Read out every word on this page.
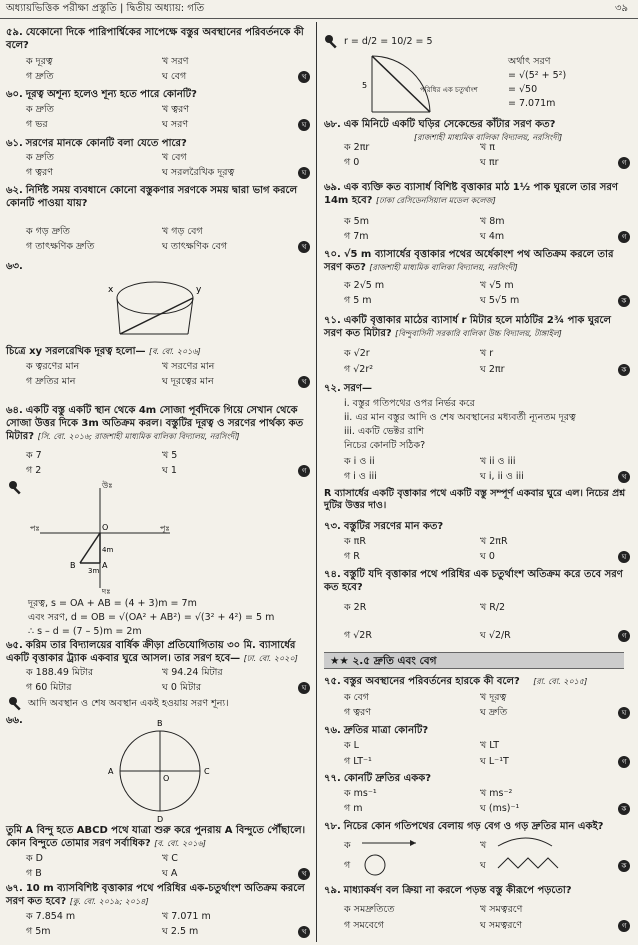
অধ্যায়ভিত্তিক পরীক্ষা প্রস্তুতি | দ্বিতীয় অধ্যায়: গতি	৩৯
৫৯. যেকোনো দিকে পারিপার্শ্বিকের সাপেক্ষে বস্তুর অবস্থানের পরিবর্তনকে কী বলে?
ক দূরত্ব	খ সরণ
গ দ্রুতি	ঘ বেগ	খ
৬০. দূরত্ব অশূন্য হলেও শূন্য হতে পারে কোনটি?
ক দ্রুতি	খ ত্বরণ
গ ভর	ঘ সরণ	ঘ
৬১. সরণের মানকে কোনটি বলা যেতে পারে?
ক দ্রুতি	খ বেগ
গ ত্বরণ	ঘ সরলরৈখিক দূরত্ব	ঘ
৬২. নির্দিষ্ট সময় ব্যবধানে কোনো বস্তুকণার সরণকে সময় দ্বারা ভাগ করলে কোনটি পাওয়া যায়?
ক গড় দ্রুতি	খ গড় বেগ
গ তাৎক্ষণিক দ্রুতি	ঘ তাৎক্ষণিক বেগ	খ
৬৩.
x	y
চিত্রে xy সরলরেখিক দূরত্ব হলো— [ব. বো. ২০১৬]
ক ত্বরণের মান	খ সরণের মান
গ দ্রুতির মান	ঘ দূরত্বের মান	খ
৬৪. একটি বস্তু একটি স্থান থেকে 4m সোজা পূর্বদিকে গিয়ে সেখান থেকে সোজা উত্তর দিকে 3m অতিক্রম করল। বস্তুটির দূরত্ব ও সরণের পার্থক্য কত মিটার? [সি. বো. ২০১৬; রাজশাহী মাধ্যমিক বালিকা বিদ্যালয়, নরসিংদী]
ক 7	খ 5
গ 2	ঘ 1	গ
উঃ
পঃ	পূঃ
দঃ
O
4m
A
B
3m
দূরত্ব, s = OA + AB = (4 + 3)m = 7m
এবং সরণ, d = OB = √(OA² + AB²) = √(3² + 4²) = 5 m
∴ s – d = (7 – 5)m = 2m
৬৫. করিম তার বিদ্যালয়ের বার্ষিক ক্রীড়া প্রতিযোগিতায় ৩০ মি. ব্যাসার্ধের একটি বৃত্তাকার ট্র্যাক একবার ঘুরে আসল। তার সরণ হবে— [ঢা. বো. ২০২০]
ক 188.49 মিটার	খ 94.24 মিটার
গ 60 মিটার	ঘ 0 মিটার	ঘ
আদি অবস্থান ও শেষ অবস্থান একই হওয়ায় সরণ শূন্য।
৬৬.	B
A	C
D
O
তুমি A বিন্দু হতে ABCD পথে যাত্রা শুরু করে পুনরায় A বিন্দুতে পৌঁছালে। কোন বিন্দুতে তোমার সরণ সর্বাধিক? [ব. বো. ২০১৬]
ক D	খ C
গ B	ঘ A	খ
৬৭. 10 m ব্যাসবিশিষ্ট বৃত্তাকার পথে পরিধির এক-চতুর্থাংশ অতিক্রম করলে সরণ কত হবে? [কু. বো. ২০১৯; ২০১৪]
ক 7.854 m	খ 7.071 m
গ 5m	ঘ 2.5 m	খ
r = d/2 = 10/2 = 5
5	পরিধির এক চতুর্থাংশ
অর্থাৎ সরণ
= √(5² + 5²)
= √50
= 7.071m
৬৮. এক মিনিটে একটি ঘড়ির সেকেন্ডের কাঁটার সরণ কত?
[রাজশাহী মাধ্যমিক বালিকা বিদ্যালয়, নরসিংদী]
ক 2πr	খ π
গ 0	ঘ πr	গ
৬৯. এক ব্যক্তি কত ব্যাসার্ধ বিশিষ্ট বৃত্তাকার মাঠ 1½ পাক ঘুরলে তার সরণ 14m হবে? [ঢাকা রেসিডেনসিয়াল মডেল কলেজ]
ক 5m	খ 8m
গ 7m	ঘ 4m	গ
৭০. √5 m ব্যাসার্ধের বৃত্তাকার পথের অর্ধেকাংশ পথ অতিক্রম করলে তার সরণ কত? [রাজশাহী মাধ্যমিক বালিকা বিদ্যালয়, নরসিংদী]
ক 2√5 m	খ √5 m
গ 5 m	ঘ 5√5 m	ক
৭১. একটি বৃত্তাকার মাঠের ব্যাসার্ধ r মিটার হলে মাঠটির 2¾ পাক ঘুরলে সরণ কত মিটার? [বিন্দুবাসিনী সরকারি বালিকা উচ্চ বিদ্যালয়, টাঙ্গাইল]
ক √2r	খ r
গ √2r²	ঘ 2πr	ক
৭২. সরণ—
i. বস্তুর গতিপথের ওপর নির্ভর করে
ii. এর মান বস্তুর আদি ও শেষ অবস্থানের মধ্যবর্তী ন্যূনতম দূরত্ব
iii. একটি ভেক্টর রাশি
নিচের কোনটি সঠিক?
ক i ও ii	খ ii ও iii
গ i ও iii	ঘ i, ii ও iii	খ
R ব্যাসার্ধের একটি বৃত্তাকার পথে একটি বস্তু সম্পূর্ণ একবার ঘুরে এল। নিচের প্রশ্ন দুটির উত্তর দাও।
৭৩. বস্তুটির সরণের মান কত?
ক πR	খ 2πR
গ R	ঘ 0	ঘ
৭৪. বস্তুটি যদি বৃত্তাকার পথে পরিধির এক চতুর্থাংশ অতিক্রম করে তবে সরণ কত হবে?
ক 2R	খ R/2
গ √2R	ঘ √2/R	গ
★★ ২.৫ দ্রুতি এবং বেগ
৭৫. বস্তুর অবস্থানের পরিবর্তনের হারকে কী বলে? [রা. বো. ২০১৫]
ক বেগ	খ দূরত্ব
গ ত্বরণ	ঘ দ্রুতি	ঘ
৭৬. দ্রুতির মাত্রা কোনটি?
ক L	খ LT
গ LT⁻¹	ঘ L⁻¹T	গ
৭৭. কোনটি দ্রুতির একক?
ক ms⁻¹	খ ms⁻²
গ m	ঘ (ms)⁻¹	ক
৭৮. নিচের কোন গতিপথের বেলায় গড় বেগ ও গড় দ্রুতির মান একই?
ক	খ
গ	ঘ	ক
৭৯. মাধ্যাকর্ষণ বল ক্রিয়া না করলে পড়ন্ত বস্তু কীরূপে পড়তো?
ক সমদ্রুতিতে	খ সমত্বরণে
গ সমবেগে	ঘ সমত্বরণে	গ
